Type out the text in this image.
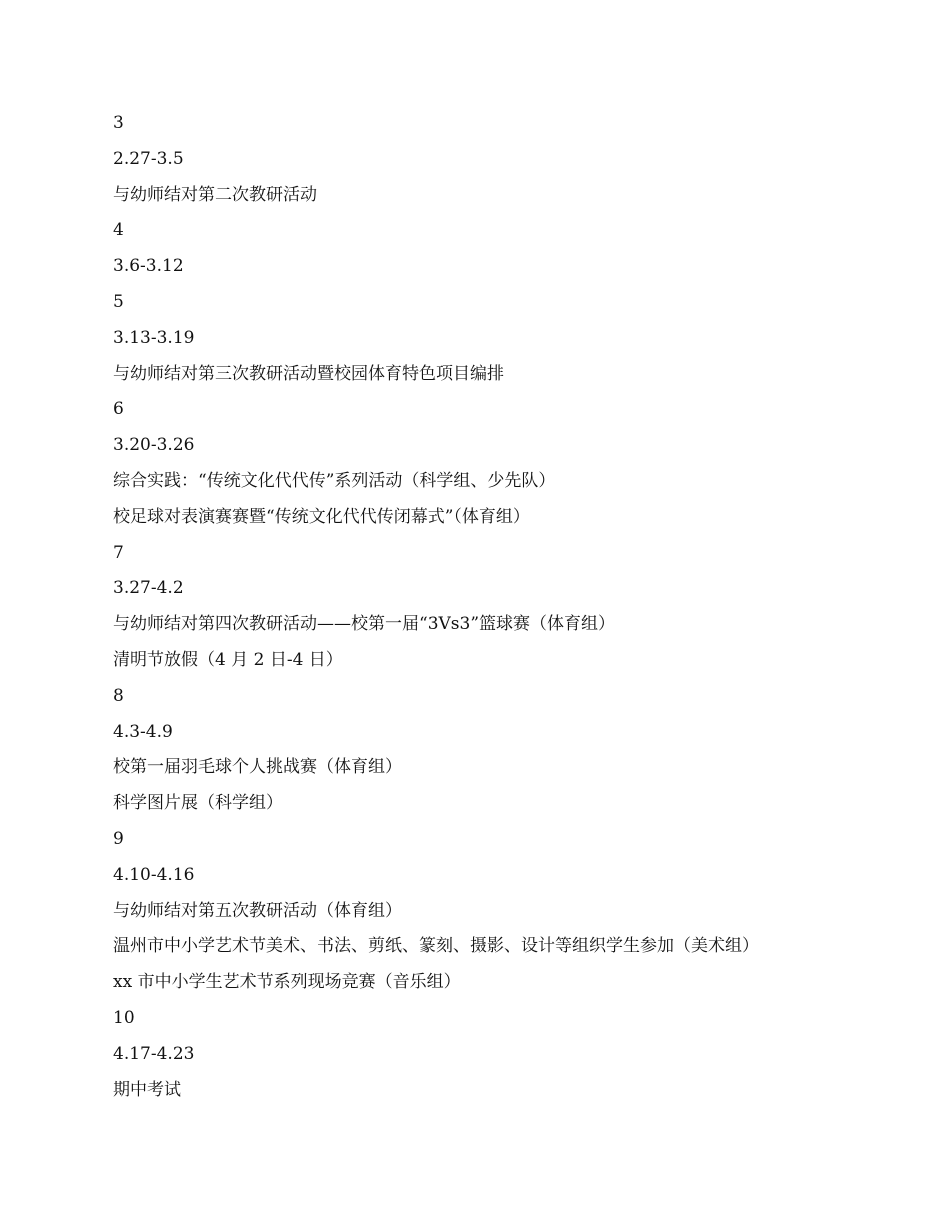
3
2.27-3.5
与幼师结对第二次教研活动
4
3.6-3.12
5
3.13-3.19
与幼师结对第三次教研活动暨校园体育特色项目编排
6
3.20-3.26
综合实践：“传统文化代代传”系列活动（科学组、少先队）
校足球对表演赛赛暨“传统文化代代传闭幕式”（体育组）
7
3.27-4.2
与幼师结对第四次教研活动——校第一届“3Vs3”篮球赛（体育组）
清明节放假（4 月 2 日-4 日）
8
4.3-4.9
校第一届羽毛球个人挑战赛（体育组）
科学图片展（科学组）
9
4.10-4.16
与幼师结对第五次教研活动（体育组）
温州市中小学艺术节美术、书法、剪纸、篆刻、摄影、设计等组织学生参加（美术组）
xx 市中小学生艺术节系列现场竞赛（音乐组）
10
4.17-4.23
期中考试
